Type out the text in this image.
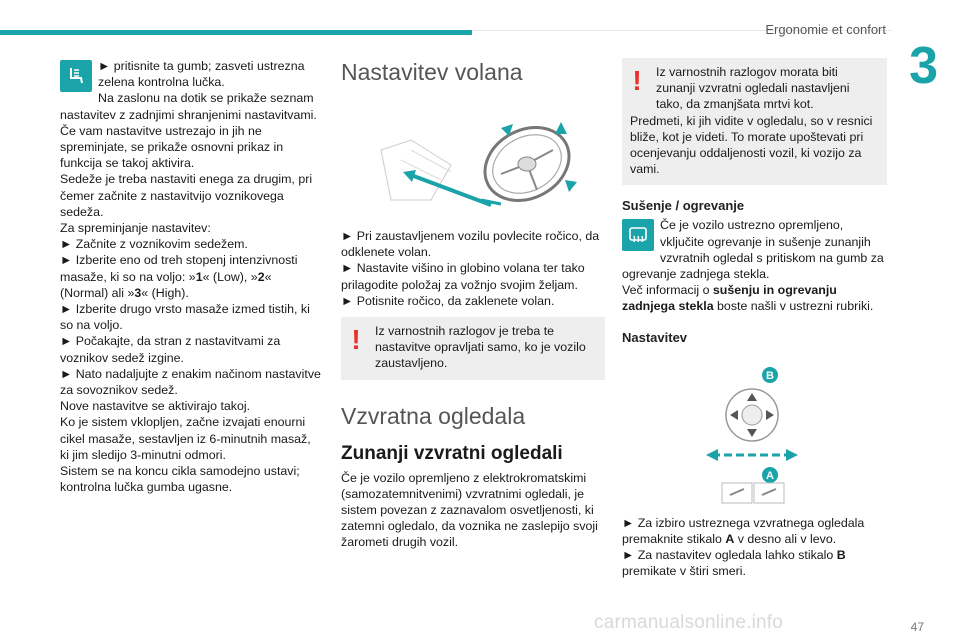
Ergonomie et confort
3

► pritisnite ta gumb; zasveti ustrezna zelena kontrolna lučka.

Na zaslonu na dotik se prikaže seznam nastavitev z zadnjimi shranjenimi nastavitvami.

Če vam nastavitve ustrezajo in jih ne spreminjate, se prikaže osnovni prikaz in funkcija se takoj aktivira.

Sedeže je treba nastaviti enega za drugim, pri čemer začnite z nastavitvijo voznikovega sedeža.

Za spreminjanje nastavitev:

► Začnite z voznikovim sedežem.

► Izberite eno od treh stopenj intenzivnosti masaže, ki so na voljo: »1« (Low), »2« (Normal) ali »3« (High).

► Izberite drugo vrsto masaže izmed tistih, ki so na voljo.

► Počakajte, da stran z nastavitvami za voznikov sedež izgine.

► Nato nadaljujte z enakim načinom nastavitve za sovoznikov sedež.

Nove nastavitve se aktivirajo takoj.

Ko je sistem vklopljen, začne izvajati enourni cikel masaže, sestavljen iz 6-minutnih masaž, ki jim sledijo 3-minutni odmori.

Sistem se na koncu cikla samodejno ustavi; kontrolna lučka gumba ugasne.

Nastavitev volana

► Pri zaustavljenem vozilu povlecite ročico, da odklenete volan.

► Nastavite višino in globino volana ter tako prilagodite položaj za vožnjo svojim željam.

► Potisnite ročico, da zaklenete volan.

!	Iz varnostnih razlogov je treba te nastavitve opravljati samo, ko je vozilo zaustavljeno.

Vzvratna ogledala
Zunanji vzvratni ogledali

Če je vozilo opremljeno z elektrokromatskimi (samozatemnitvenimi) vzvratnimi ogledali, je sistem povezan z zaznavalom osvetljenosti, ki zatemni ogledalo, da voznika ne zaslepijo svoji žarometi drugih vozil.

!	Iz varnostnih razlogov morata biti zunanji vzvratni ogledali nastavljeni tako, da zmanjšata mrtvi kot.

Predmeti, ki jih vidite v ogledalu, so v resnici bliže, kot je videti. To morate upoštevati pri ocenjevanju oddaljenosti vozil, ki vozijo za vami.

Sušenje / ogrevanje

Če je vozilo ustrezno opremljeno, vključite ogrevanje in sušenje zunanjih vzvratnih ogledal s pritiskom na gumb za ogrevanje zadnjega stekla.

Več informacij o sušenju in ogrevanju zadnjega stekla boste našli v ustrezni rubriki.

Nastavitev
B
A

► Za izbiro ustreznega vzvratnega ogledala premaknite stikalo A v desno ali v levo.

► Za nastavitev ogledala lahko stikalo B premikate v štiri smeri.

carmanualsonline.info	47
